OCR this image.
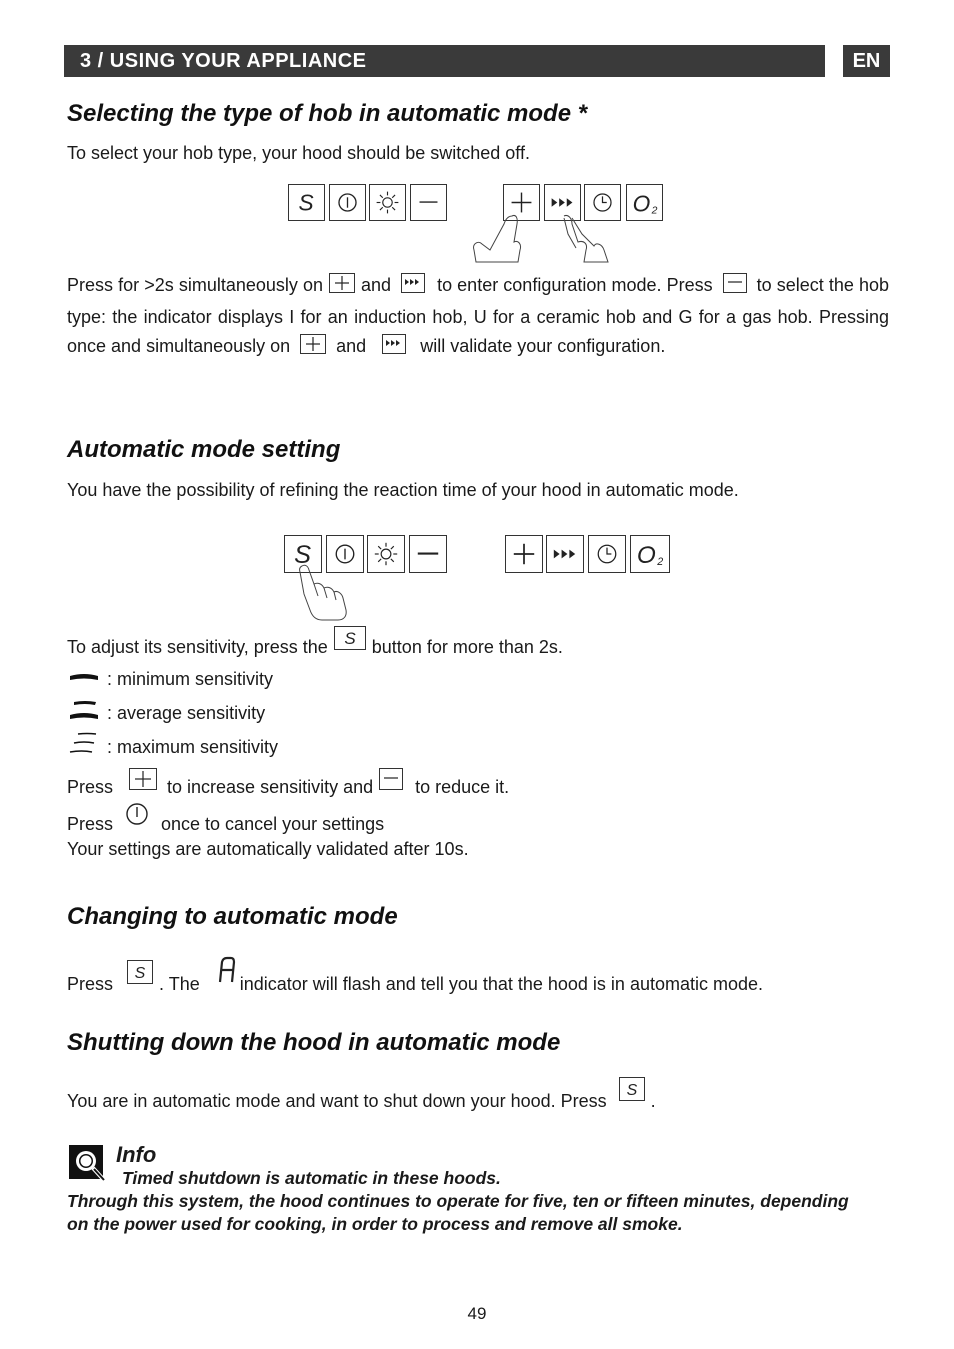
3 / USING YOUR APPLIANCE	EN
Selecting the type of hob in automatic mode *

To select your hob type, your hood should be switched off.

S	O 2
Press for >2s simultaneously on and	to enter configuration mode. Press to select the hob type: the indicator displays I for an induction hob, U for a ceramic hob and G for a gas hob. Pressing once and simultaneously on	and	will validate your configuration.
Automatic mode setting

You have the possibility of refining the reaction time of your hood in automatic mode.

S	O 2
To adjust its sensitivity, press the S button for more than 2s.

: minimum sensitivity

: average sensitivity

: maximum sensitivity

Press	to increase sensitivity and to reduce it.
Press	once to cancel your settings

Your settings are automatically validated after 10s.

Changing to automatic mode
Press
S
. The indicator will flash and tell you that the hood is in automatic mode.
Shutting down the hood in automatic mode
You are in automatic mode and want to shut down your hood. Press
S
.
Info

Timed shutdown is automatic in these hoods.

Through this system, the hood continues to operate for five, ten or fifteen minutes, depending

on the power used for cooking, in order to process and remove all smoke.

49
